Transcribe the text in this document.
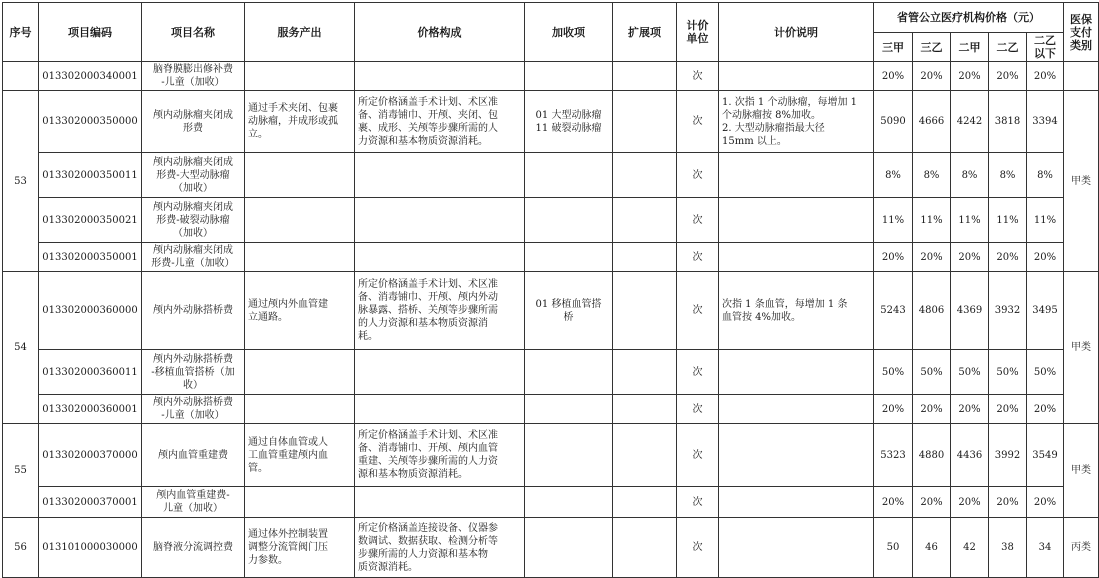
序号	项目编码	项目名称	服务产出	价格构成	加收项	扩展项	计价
单位	计价说明	省管公立医疗机构价格（元）					医保
支付
类别
									三甲	三乙	二甲	二乙	二乙
以下	
	013302000340001	脑脊膜膨出修补费
-儿童（加收）					次		20%	20%	20%	20%	20%	
53	013302000350000	颅内动脉瘤夹闭成
形费	通过手术夹闭、包裹
动脉瘤，并成形或孤
立。	所定价格涵盖手术计划、术区准
备、消毒铺巾、开颅、夹闭、包
裹、成形、关颅等步骤所需的人
力资源和基本物质资源消耗。	01 大型动脉瘤
11 破裂动脉瘤		次	1. 次指 1 个动脉瘤，每增加 1
个动脉瘤按 8%加收。
2. 大型动脉瘤指最大径
15mm 以上。	5090	4666	4242	3818	3394	甲类
	013302000350011	颅内动脉瘤夹闭成
形费-大型动脉瘤
（加收）					次		8%	8%	8%	8%	8%	
	013302000350021	颅内动脉瘤夹闭成
形费-破裂动脉瘤
（加收）					次		11%	11%	11%	11%	11%	
	013302000350001	颅内动脉瘤夹闭成
形费-儿童（加收）					次		20%	20%	20%	20%	20%	
54	013302000360000	颅内外动脉搭桥费	通过颅内外血管建
立通路。	所定价格涵盖手术计划、术区准
备、消毒铺巾、开颅、颅内外动
脉暴露、搭桥、关颅等步骤所需
的人力资源和基本物质资源消
耗。	01 移植血管搭
桥		次	次指 1 条血管，每增加 1 条
血管按 4%加收。	5243	4806	4369	3932	3495	甲类
	013302000360011	颅内外动脉搭桥费
-移植血管搭桥（加
收）					次		50%	50%	50%	50%	50%	
	013302000360001	颅内外动脉搭桥费
-儿童（加收）					次		20%	20%	20%	20%	20%	
55	013302000370000	颅内血管重建费	通过自体血管或人
工血管重建颅内血
管。	所定价格涵盖手术计划、术区准
备、消毒铺巾、开颅、颅内血管
重建、关颅等步骤所需的人力资
源和基本物质资源消耗。			次		5323	4880	4436	3992	3549	甲类
	013302000370001	颅内血管重建费-
儿童（加收）					次		20%	20%	20%	20%	20%	
56	013101000030000	脑脊液分流调控费	通过体外控制装置
调整分流管阀门压
力参数。	所定价格涵盖连接设备、仪器参
数调试、数据获取、检测分析等
步骤所需的人力资源和基本物
质资源消耗。			次		50	46	42	38	34	丙类
